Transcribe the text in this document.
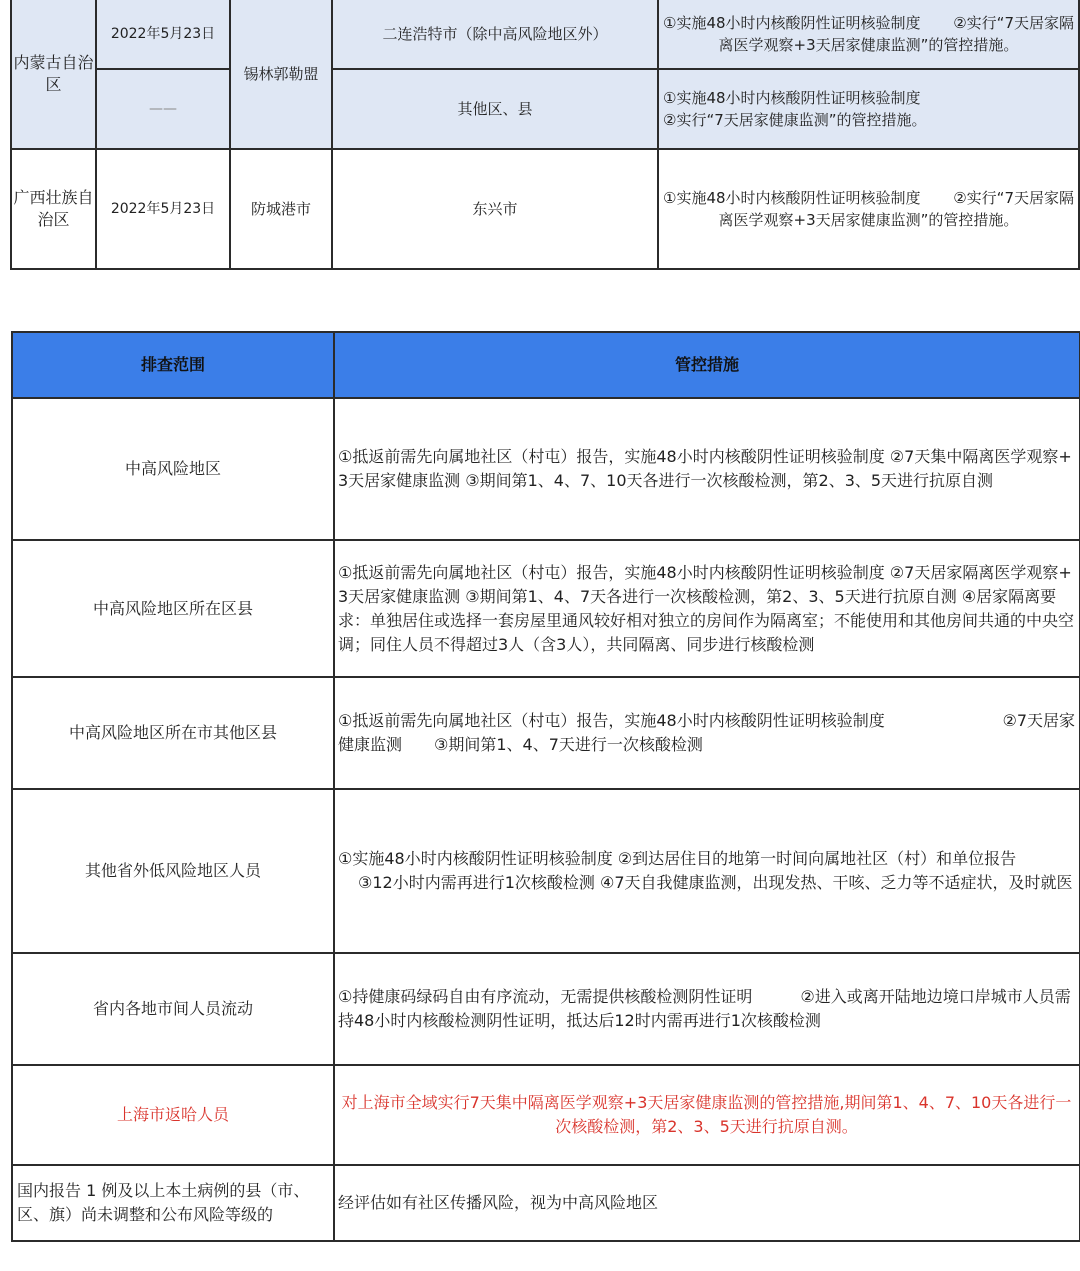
内蒙古自治区	2022年5月23日	锡林郭勒盟	二连浩特市（除中高风险地区外）	①实施48小时内核酸阴性证明核验制度 ②实行“7天居家隔
离医学观察+3天居家健康监测”的管控措施。

	——		其他区、县	①实施48小时内核酸阴性证明核验制度
②实行“7天居家健康监测”的管控措施。
广西壮族自治区	2022年5月23日	防城港市	东兴市	①实施48小时内核酸阴性证明核验制度 ②实行“7天居家隔
离医学观察+3天居家健康监测”的管控措施。
排查范围	管控措施
中高风险地区	①抵返前需先向属地社区（村屯）报告，实施48小时内核酸阴性证明核验制度 ②7天集中隔离医学观察+3天居家健康监测 ③期间第1、4、7、10天各进行一次核酸检测，第2、3、5天进行抗原自测
中高风险地区所在区县	①抵返前需先向属地社区（村屯）报告，实施48小时内核酸阴性证明核验制度 ②7天居家隔离医学观察+3天居家健康监测 ③期间第1、4、7天各进行一次核酸检测，第2、3、5天进行抗原自测 ④居家隔离要求：单独居住或选择一套房屋里通风较好相对独立的房间作为隔离室；不能使用和其他房间共通的中央空调；同住人员不得超过3人（含3人），共同隔离、同步进行核酸检测
中高风险地区所在市其他区县	①抵返前需先向属地社区（村屯）报告，实施48小时内核酸阴性证明核验制度 ②7天居家
健康监测　　③期间第1、4、7天进行一次核酸检测

其他省外低风险地区人员	①实施48小时内核酸阴性证明核验制度 ②到达居住目的地第一时间向属地社区（村）和单位报告
③12小时内需再进行1次核酸检测 ④7天自我健康监测，出现发热、干咳、乏力等不适症状，及时就医

省内各地市间人员流动	①持健康码绿码自由有序流动，无需提供核酸检测阴性证明　　　 ②进入或离开陆地边境口岸城市人员需持48小时内核酸检测阴性证明，抵达后12时内需再进行1次核酸检测
上海市返哈人员	对上海市全域实行7天集中隔离医学观察+3天居家健康监测的管控措施,期间第1、4、7、10天各进行一次核酸检测，第2、3、5天进行抗原自测。
国内报告 1 例及以上本土病例的县（市、区、旗）尚未调整和公布风险等级的	经评估如有社区传播风险，视为中高风险地区
